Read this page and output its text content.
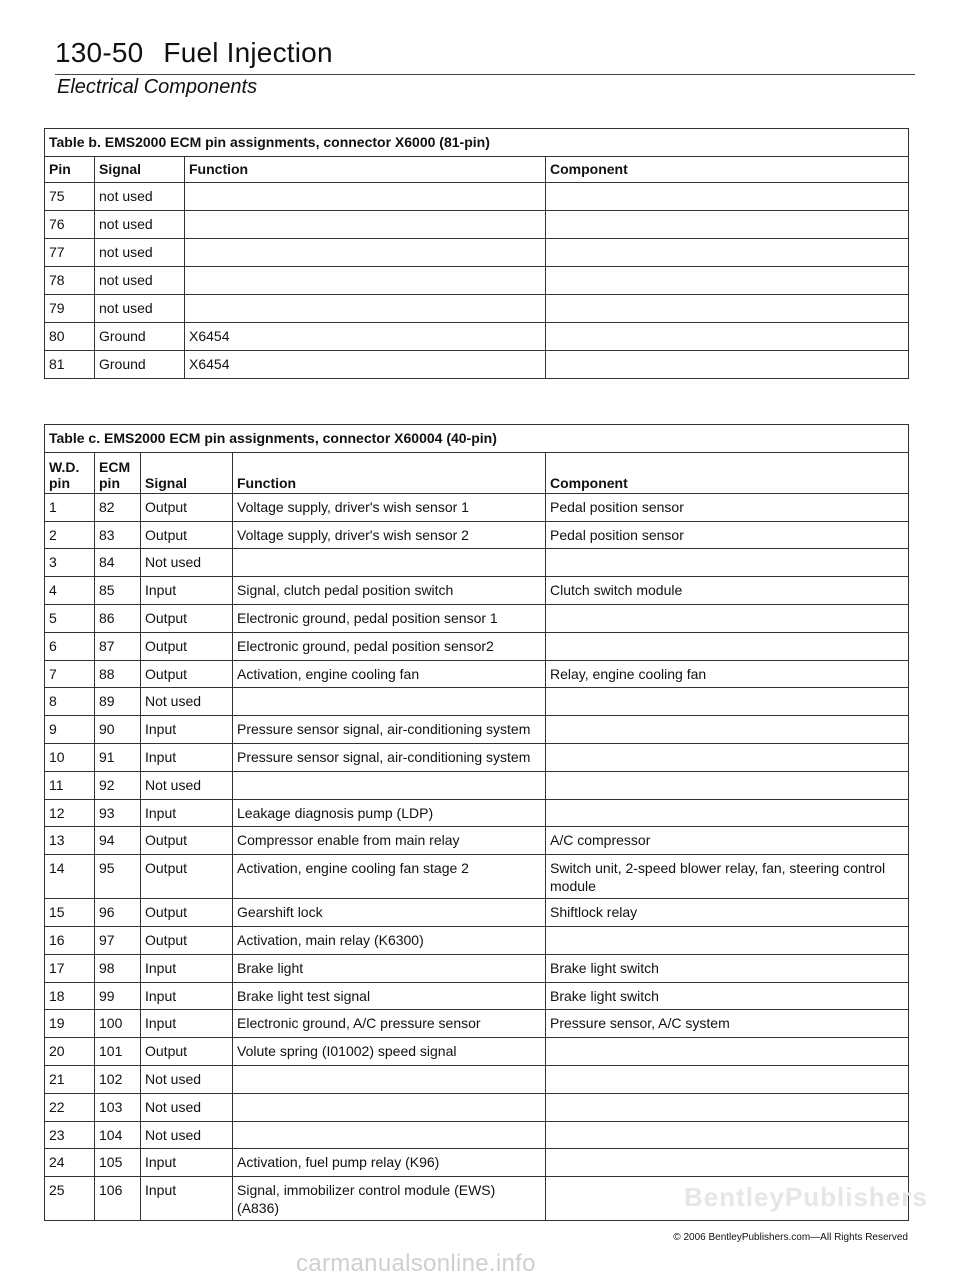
130-50 Fuel Injection
Electrical Components
Table b. EMS2000 ECM pin assignments, connector X6000 (81-pin)			
Pin	Signal	Function	Component
75	not used		
76	not used		
77	not used		
78	not used		
79	not used		
80	Ground	X6454	
81	Ground	X6454	
Table c. EMS2000 ECM pin assignments, connector X60004 (40-pin)				
W.D. pin	ECM pin	Signal	Function	Component
1	82	Output	Voltage supply, driver's wish sensor 1	Pedal position sensor
2	83	Output	Voltage supply, driver's wish sensor 2	Pedal position sensor
3	84	Not used		
4	85	Input	Signal, clutch pedal position switch	Clutch switch module
5	86	Output	Electronic ground, pedal position sensor 1	
6	87	Output	Electronic ground, pedal position sensor2	
7	88	Output	Activation, engine cooling fan	Relay, engine cooling fan
8	89	Not used		
9	90	Input	Pressure sensor signal, air-conditioning system	
10	91	Input	Pressure sensor signal, air-conditioning system	
11	92	Not used		
12	93	Input	Leakage diagnosis pump (LDP)	
13	94	Output	Compressor enable from main relay	A/C compressor
14	95	Output	Activation, engine cooling fan stage 2	Switch unit, 2-speed blower relay, fan, steering control module
15	96	Output	Gearshift lock	Shiftlock relay
16	97	Output	Activation, main relay (K6300)	
17	98	Input	Brake light	Brake light switch
18	99	Input	Brake light test signal	Brake light switch
19	100	Input	Electronic ground, A/C pressure sensor	Pressure sensor, A/C system
20	101	Output	Volute spring (I01002) speed signal	
21	102	Not used		
22	103	Not used		
23	104	Not used		
24	105	Input	Activation, fuel pump relay (K96)	
25	106	Input	Signal, immobilizer control module (EWS) (A836)		BentleyPublishers
© 2006 BentleyPublishers.com—All Rights Reserved
carmanualsonline.info
